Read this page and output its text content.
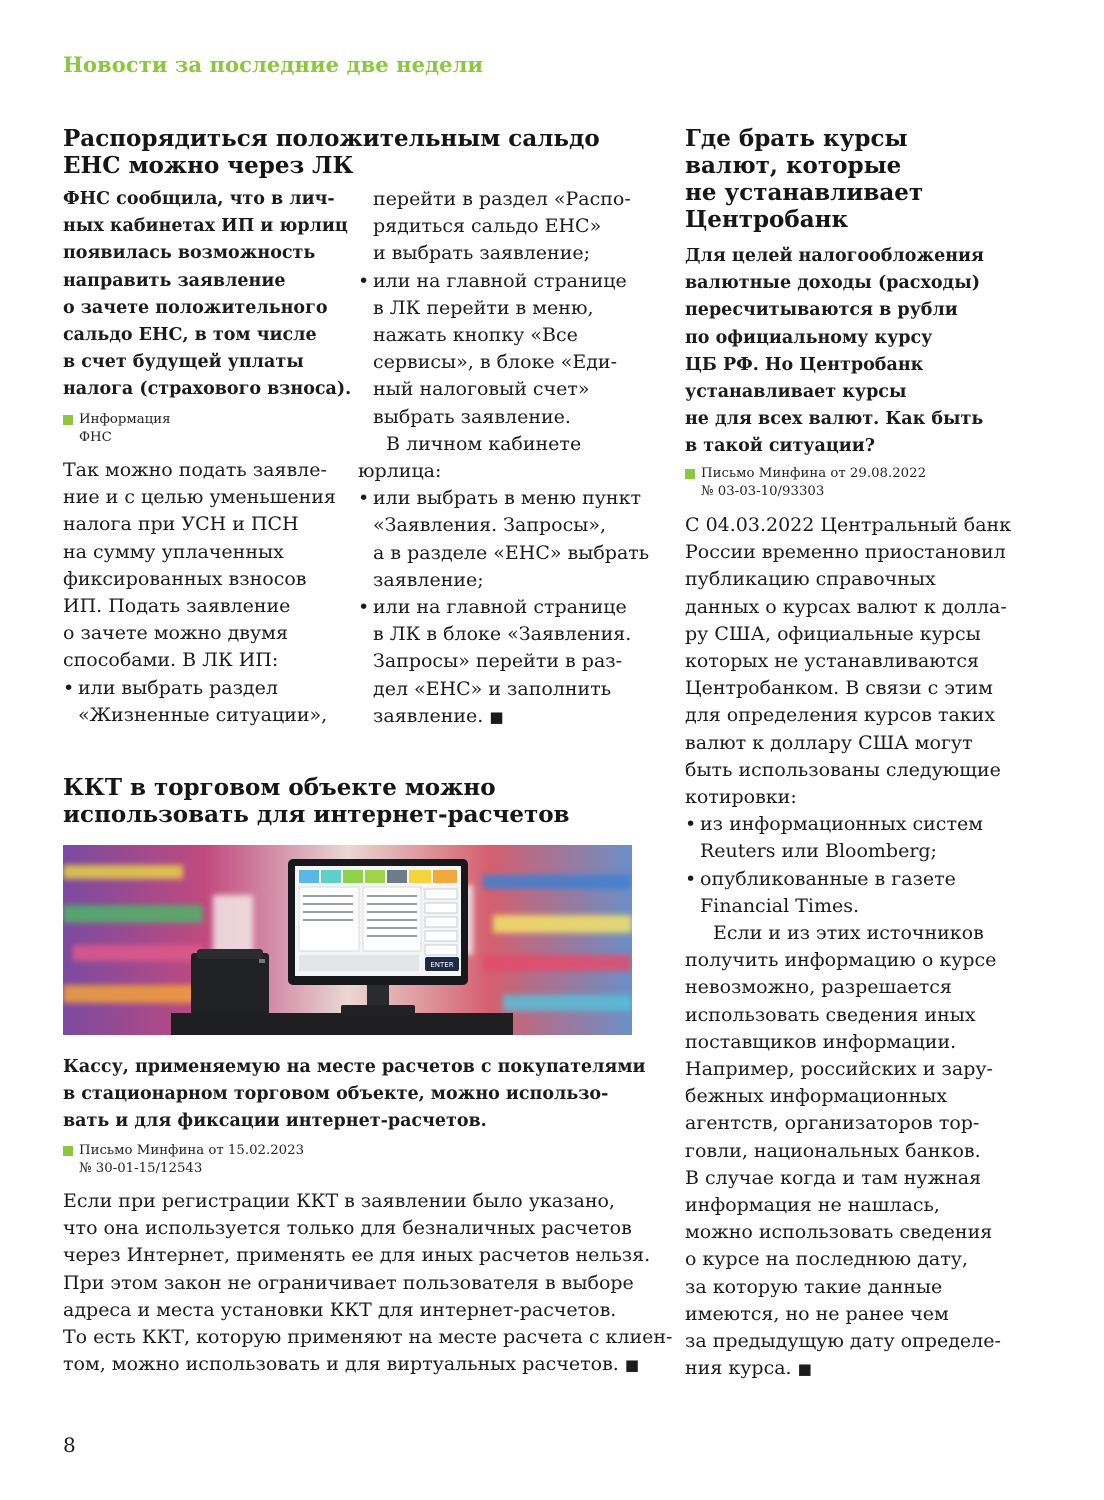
Новости за последние две недели
Распорядиться положительным сальдо
ЕНС можно через ЛК
ФНС сообщила, что в лич-
ных кабинетах ИП и юрлиц
появилась возможность
направить заявление
о зачете положительного
сальдо ЕНС, в том числе
в счет будущей уплаты
налога (страхового взноса).
Информация
ФНС
Так можно подать заявле-
ние и с целью уменьшения
налога при УСН и ПСН
на сумму уплаченных
фиксированных взносов
ИП. Подать заявление
о зачете можно двумя
способами. В ЛК ИП:
• или выбрать раздел
«Жизненные ситуации»,
перейти в раздел «Распо-
рядиться сальдо ЕНС»
и выбрать заявление;
• или на главной странице
в ЛК перейти в меню,
нажать кнопку «Все
сервисы», в блоке «Еди-
ный налоговый счет»
выбрать заявление.
В личном кабинете
юрлица:
• или выбрать в меню пункт
«Заявления. Запросы»,
а в разделе «ЕНС» выбрать
заявление;
• или на главной странице
в ЛК в блоке «Заявления.
Запросы» перейти в раз-
дел «ЕНС» и заполнить
заявление. ■
ККТ в торговом объекте можно
использовать для интернет-расчетов
ENTER
Кассу, применяемую на месте расчетов с покупателями
в стационарном торговом объекте, можно использо-
вать и для фиксации интернет-расчетов.
Письмо Минфина от 15.02.2023
№ 30-01-15/12543
Если при регистрации ККТ в заявлении было указано,
что она используется только для безналичных расчетов
через Интернет, применять ее для иных расчетов нельзя.
При этом закон не ограничивает пользователя в выборе
адреса и места установки ККТ для интернет-расчетов.
То есть ККТ, которую применяют на месте расчета с клиен-
том, можно использовать и для виртуальных расчетов. ■
Где брать курсы
валют, которые
не устанавливает
Центробанк
Для целей налогообложения
валютные доходы (расходы)
пересчитываются в рубли
по официальному курсу
ЦБ РФ. Но Центробанк
устанавливает курсы
не для всех валют. Как быть
в такой ситуации?
Письмо Минфина от 29.08.2022
№ 03-03-10/93303
С 04.03.2022 Центральный банк
России временно приостановил
публикацию справочных
данных о курсах валют к долла-
ру США, официальные курсы
которых не устанавливаются
Центробанком. В связи с этим
для определения курсов таких
валют к доллару США могут
быть использованы следующие
котировки:
• из информационных систем
Reuters или Bloomberg;
• опубликованные в газете
Financial Times.
Если и из этих источников
получить информацию о курсе
невозможно, разрешается
использовать сведения иных
поставщиков информации.
Например, российских и зару-
бежных информационных
агентств, организаторов тор-
говли, национальных банков.
В случае когда и там нужная
информация не нашлась,
можно использовать сведения
о курсе на последнюю дату,
за которую такие данные
имеются, но не ранее чем
за предыдущую дату определе-
ния курса. ■
8
